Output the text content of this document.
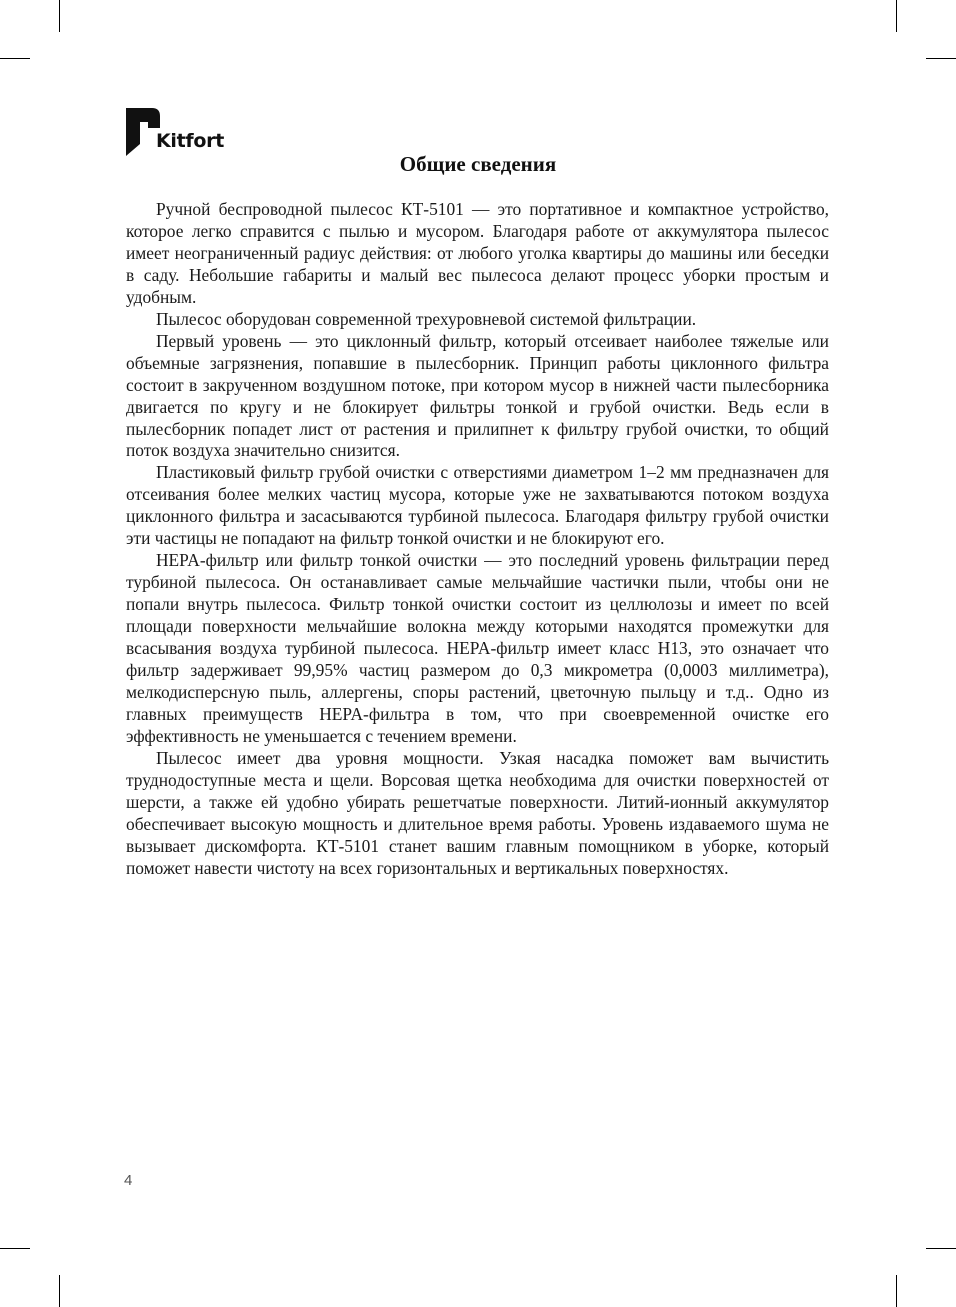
Kitfort
Общие сведения

Ручной беспроводной пылесос КТ-5101 — это портативное и компактное устройство, которое легко справится с пылью и мусором. Благодаря работе от аккумулятора пылесос имеет неограниченный радиус действия: от любого уголка квартиры до машины или беседки в саду. Небольшие габариты и малый вес пылесоса делают процесс уборки простым и удобным.

Пылесос оборудован современной трехуровневой системой фильтрации.

Первый уровень — это циклонный фильтр, который отсеивает наиболее тяжелые или объемные загрязнения, попавшие в пылесборник. Принцип работы циклонного фильтра состоит в закрученном воздушном потоке, при котором мусор в нижней части пылесборника двигается по кругу и не блокирует фильтры тонкой и грубой очистки. Ведь если в пылесборник попадет лист от растения и прилипнет к фильтру грубой очистки, то общий поток воздуха значительно снизится.

Пластиковый фильтр грубой очистки с отверстиями диаметром 1–2 мм предназначен для отсеивания более мелких частиц мусора, которые уже не захватываются потоком воздуха циклонного фильтра и засасываются турбиной пылесоса. Благодаря фильтру грубой очистки эти частицы не попадают на фильтр тонкой очистки и не блокируют его.

HEPA-фильтр или фильтр тонкой очистки — это последний уровень фильтрации перед турбиной пылесоса. Он останавливает самые мельчайшие частички пыли, чтобы они не попали внутрь пылесоса. Фильтр тонкой очистки состоит из целлюлозы и имеет по всей площади поверхности мельчайшие волокна между которыми находятся промежутки для всасывания воздуха турбиной пылесоса. HEPA-фильтр имеет класс H13, это означает что фильтр задерживает 99,95% частиц размером до 0,3 микрометра (0,0003 миллиметра), мелкодисперсную пыль, аллергены, споры растений, цветочную пыльцу и т.д.. Одно из главных преимуществ HEPA-фильтра в том, что при своевременной очистке его эффективность не уменьшается с течением времени.

Пылесос имеет два уровня мощности. Узкая насадка поможет вам вычистить труднодоступные места и щели. Ворсовая щетка необходима для очистки поверхностей от шерсти, а также ей удобно убирать решетчатые поверхности. Литий-ионный аккумулятор обеспечивает высокую мощность и длительное время работы. Уровень издаваемого шума не вызывает дискомфорта. КТ-5101 станет вашим главным помощником в уборке, который поможет навести чистоту на всех горизонтальных и вертикальных поверхностях.

4
